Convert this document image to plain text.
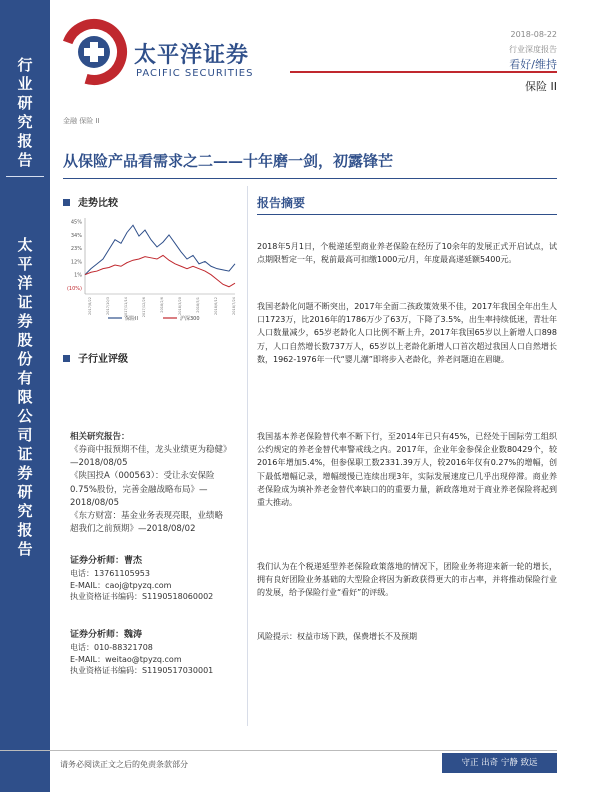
行
业
研
究
报
告
太
平
洋
证
券
股
份
有
限
公
司
证
券
研
究
报
告
太平洋证券
PACIFIC SECURITIES
2018-08-22
行业深度报告
看好/维持
保险 II
金融 保险 II
从保险产品看需求之二——十年磨一剑，初露锋芒
走势比较
45%
34%
23%
12%
1%
(10%)
2017/8/22	2017/10/3	2017/11/14	2017/12/26	2018/2/6	2018/3/20	2018/5/1	2018/6/12	2018/7/24
保险II	沪深300
子行业评级
相关研究报告：
《券商中报预期不佳，龙头业绩更为稳健》—2018/08/05
《陕国投A（000563）：受让永安保险0.75%股份，完善金融战略布局》—2018/08/05
《东方财富：基金业务表现亮眼，业绩略超我们之前预期》—2018/08/02
证券分析师：曹杰
电话：13761105953
E-MAIL：caoj@tpyzq.com
执业资格证书编码：S1190518060002
证券分析师：魏涛
电话：010-88321708
E-MAIL：weitao@tpyzq.com
执业资格证书编码：S1190517030001
报告摘要
2018年5月1日，个税递延型商业养老保险在经历了10余年的发展正式开启试点，试点期限暂定一年，税前最高可扣缴1000元/月，年度最高递延额5400元。
我国老龄化问题不断突出，2017年全面二孩政策效果不佳，2017年我国全年出生人口1723万，比2016年的1786万少了63万，下降了3.5%，出生率持续低迷，青壮年人口数量减少，65岁老龄化人口比例不断上升，2017年我国65岁以上新增人口898万，人口自然增长数737万人，65岁以上老龄化新增人口首次超过我国人口自然增长数，1962-1976年一代“婴儿潮”即将步入老龄化，养老问题迫在眉睫。
我国基本养老保险替代率不断下行，至2014年已只有45%，已经处于国际劳工组织公约规定的养老金替代率警戒线之内。2017年，企业年金参保企业数80429个，较2016年增加5.4%，但参保职工数2331.39万人，较2016年仅有0.27%的增幅，创下最低增幅记录，增幅缓慢已连续出现3年，实际发展速度已几乎出现停滞。商业养老保险成为填补养老金替代率缺口的的重要力量，新政落地对于商业养老保险将起到重大推动。
我们认为在个税递延型养老保险政策落地的情况下，团险业务将迎来新一轮的增长，拥有良好团险业务基础的大型险企将因为新政获得更大的市占率，并将推动保险行业的发展，给予保险行业“看好”的评级。
风险提示：权益市场下跌，保费增长不及预期
请务必阅读正文之后的免责条款部分	守正 出奇 宁静 致远
